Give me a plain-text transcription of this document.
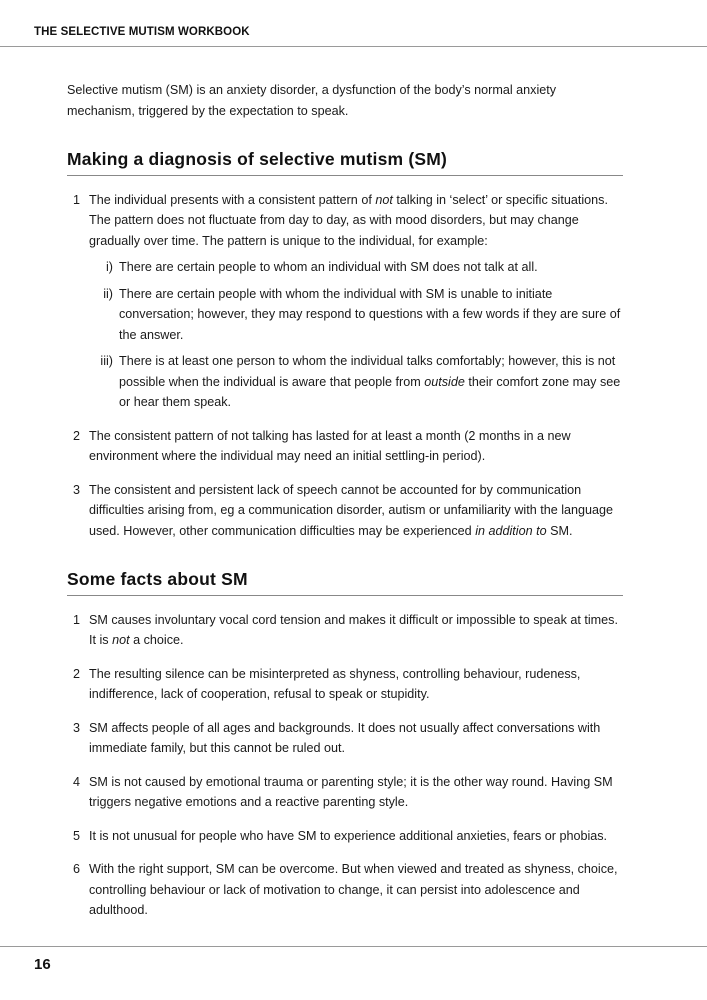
THE SELECTIVE MUTISM WORKBOOK

Selective mutism (SM) is an anxiety disorder, a dysfunction of the body’s normal anxiety mechanism, triggered by the expectation to speak.

Making a diagnosis of selective mutism (SM)
1 The individual presents with a consistent pattern of not talking in ‘select’ or specific situations. The pattern does not fluctuate from day to day, as with mood disorders, but may change gradually over time. The pattern is unique to the individual, for example:
i) There are certain people to whom an individual with SM does not talk at all.
ii) There are certain people with whom the individual with SM is unable to initiate conversation; however, they may respond to questions with a few words if they are sure of the answer.
iii) There is at least one person to whom the individual talks comfortably; however, this is not possible when the individual is aware that people from outside their comfort zone may see or hear them speak.
2 The consistent pattern of not talking has lasted for at least a month (2 months in a new environment where the individual may need an initial settling-in period).
3 The consistent and persistent lack of speech cannot be accounted for by communication difficulties arising from, eg a communication disorder, autism or unfamiliarity with the language used. However, other communication difficulties may be experienced in addition to SM.
Some facts about SM
1 SM causes involuntary vocal cord tension and makes it difficult or impossible to speak at times. It is not a choice.
2 The resulting silence can be misinterpreted as shyness, controlling behaviour, rudeness, indifference, lack of cooperation, refusal to speak or stupidity.
3 SM affects people of all ages and backgrounds. It does not usually affect conversations with immediate family, but this cannot be ruled out.
4 SM is not caused by emotional trauma or parenting style; it is the other way round. Having SM triggers negative emotions and a reactive parenting style.
5 It is not unusual for people who have SM to experience additional anxieties, fears or phobias.
6 With the right support, SM can be overcome. But when viewed and treated as shyness, choice, controlling behaviour or lack of motivation to change, it can persist into adolescence and adulthood.
16
